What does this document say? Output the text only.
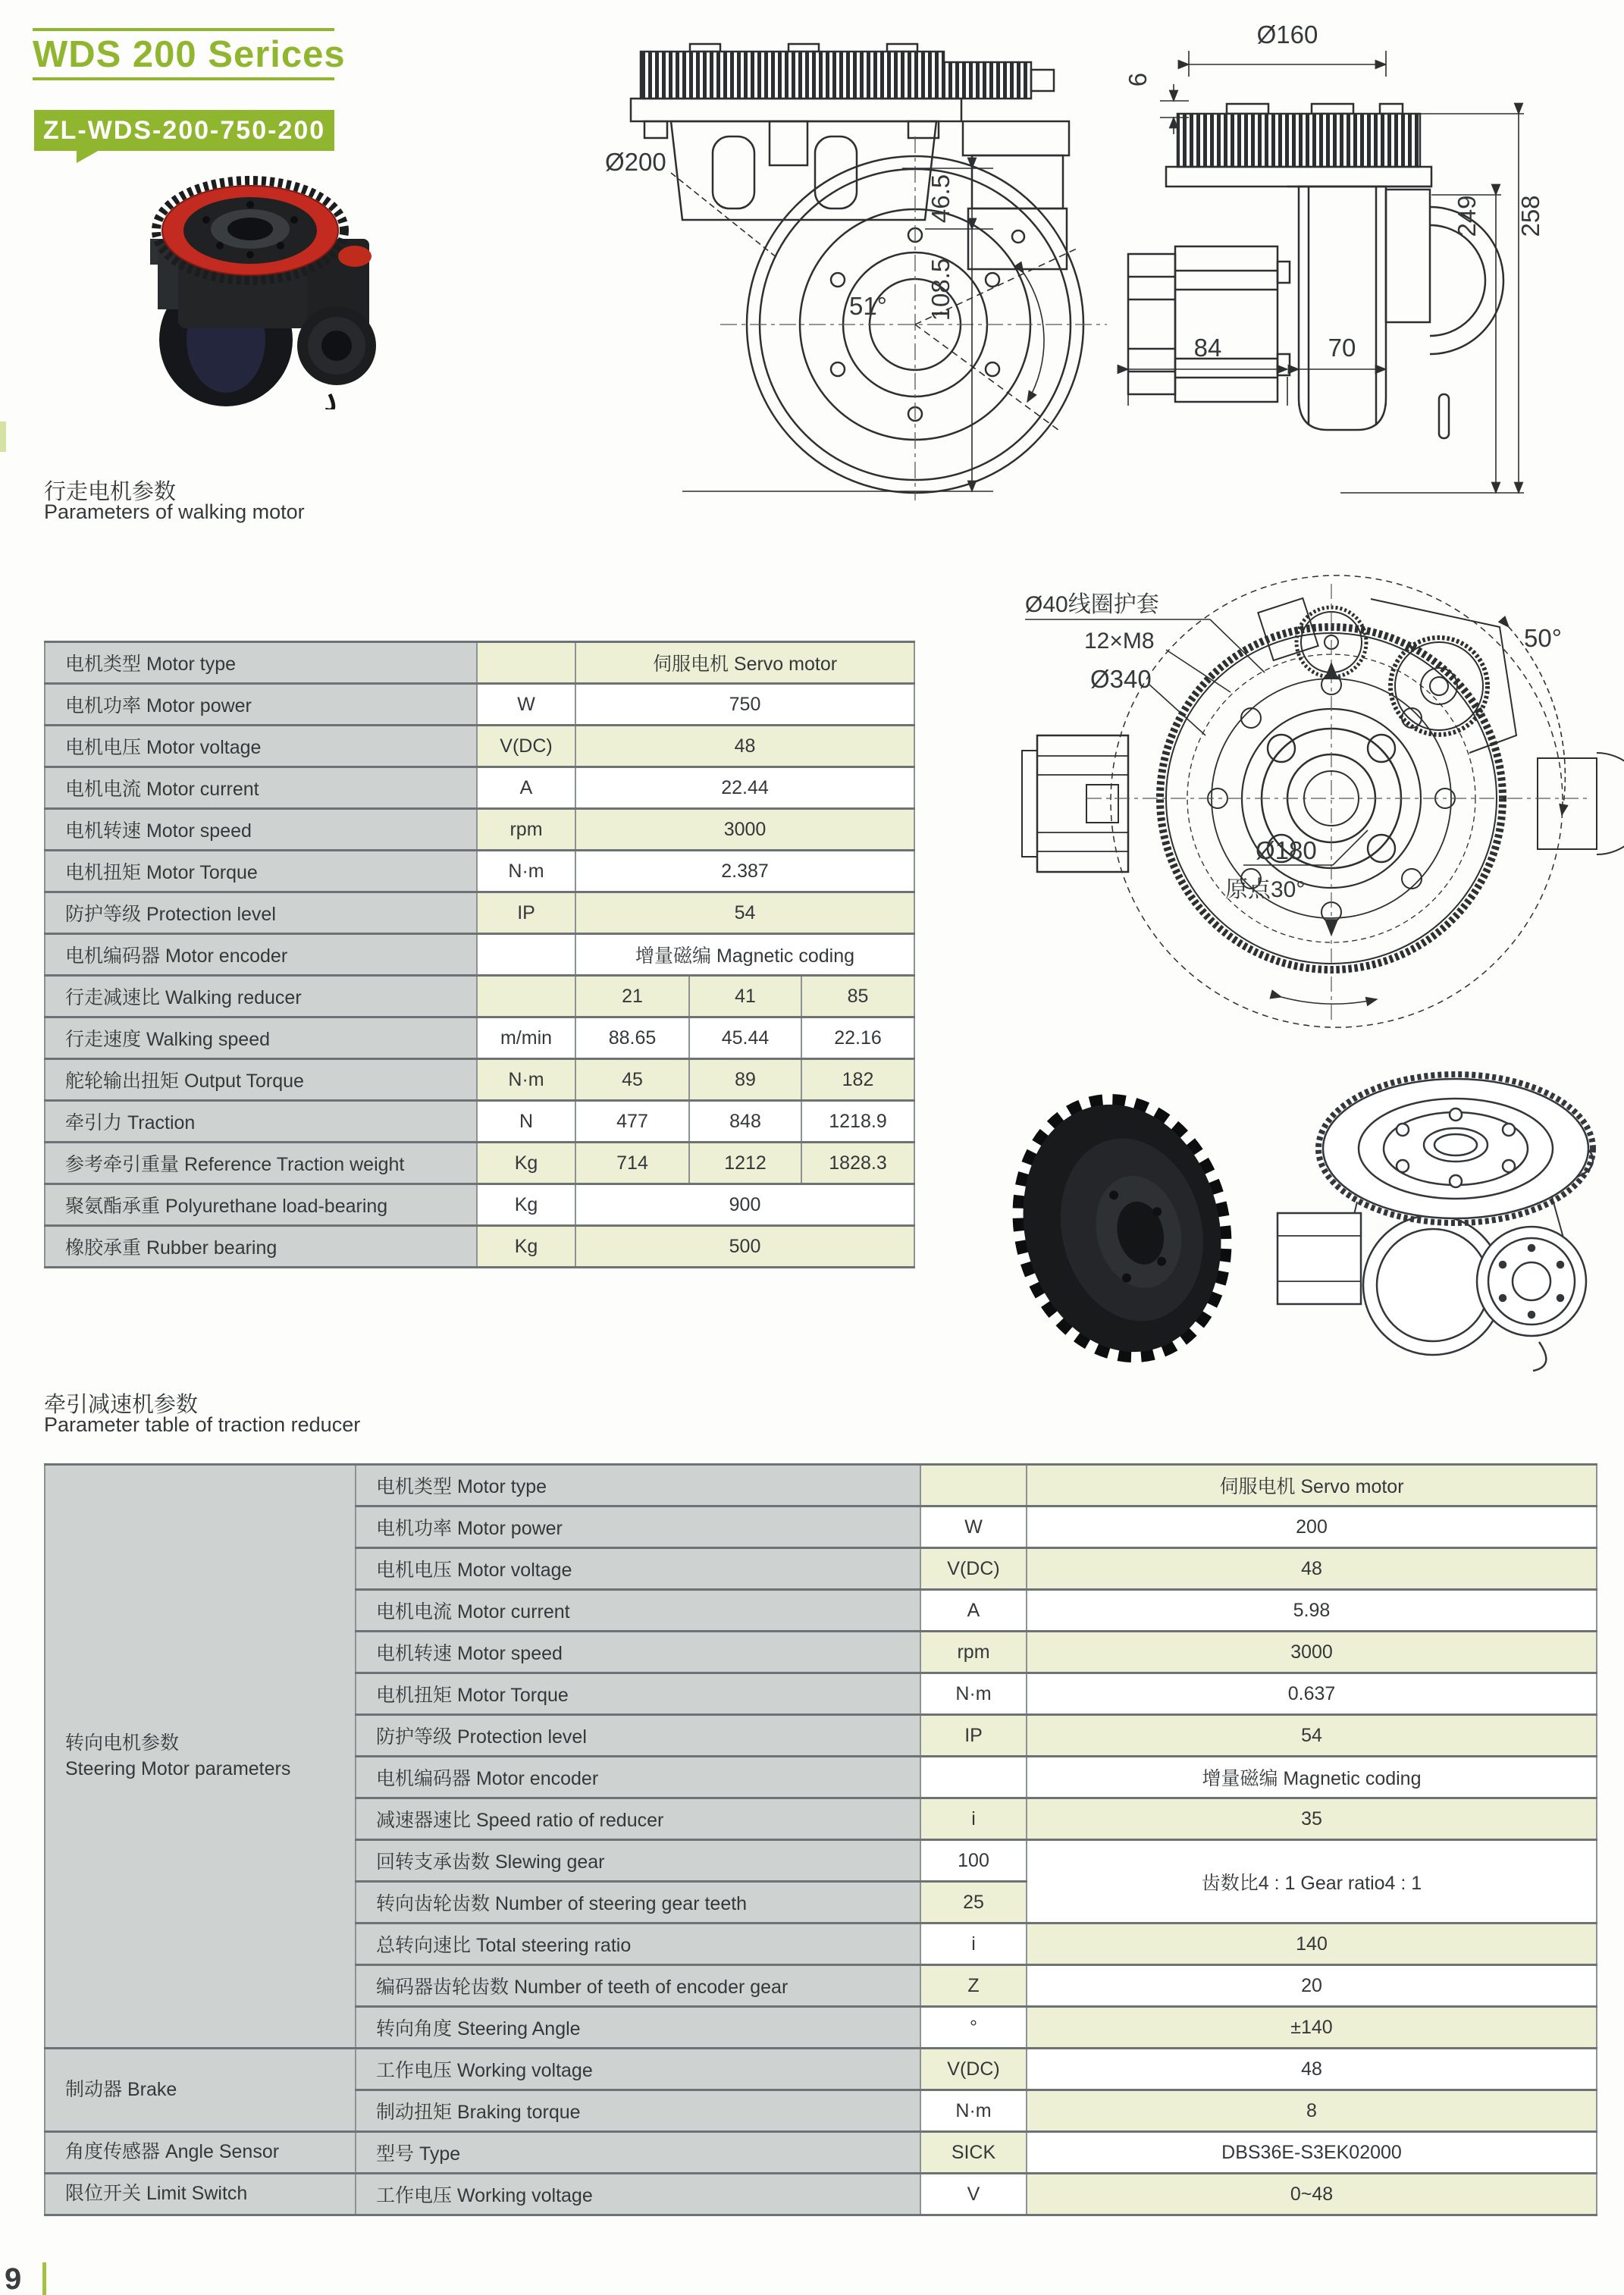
WDS 200 Serices
ZL-WDS-200-750-200
Ø200
46.5
108.5
51°
Ø160
6
249 258
84	70
行走电机参数
Parameters of walking motor
电机类型 Motor type		伺服电机 Servo motor		
电机功率 Motor power	W	750		
电机电压 Motor voltage	V(DC)	48		
电机电流 Motor current	A	22.44		
电机转速 Motor speed	rpm	3000		
电机扭矩 Motor Torque	N·m	2.387		
防护等级 Protection level	IP	54		
电机编码器 Motor encoder		增量磁编 Magnetic coding		
行走减速比 Walking reducer		21	41	85
行走速度 Walking speed	m/min	88.65	45.44	22.16
舵轮输出扭矩 Output Torque	N·m	45	89	182
牵引力 Traction	N	477	848	1218.9
参考牵引重量 Reference Traction weight	Kg	714	1212	1828.3
聚氨酯承重 Polyurethane load-bearing	Kg	900		
橡胶承重 Rubber bearing	Kg	500		
Ø40线圈护套
12×M8
Ø340
50°
Ø180
原点30°
牵引减速机参数
Parameter table of traction reducer
转向电机参数
Steering Motor parameters	电机类型 Motor type		伺服电机 Servo motor
	电机功率 Motor power	W	200
	电机电压 Motor voltage	V(DC)	48
	电机电流 Motor current	A	5.98
	电机转速 Motor speed	rpm	3000
	电机扭矩 Motor Torque	N·m	0.637
	防护等级 Protection level	IP	54
	电机编码器 Motor encoder		增量磁编 Magnetic coding
	减速器速比 Speed ratio of reducer	i	35
	回转支承齿数 Slewing gear	100	齿数比4 : 1 Gear ratio4 : 1
	转向齿轮齿数 Number of steering gear teeth	25	
	总转向速比 Total steering ratio	i	140
	编码器齿轮齿数 Number of teeth of encoder gear	Z	20
	转向角度 Steering Angle	°	±140
制动器 Brake	工作电压 Working voltage	V(DC)	48
	制动扭矩 Braking torque	N·m	8
角度传感器 Angle Sensor	型号 Type	SICK	DBS36E-S3EK02000
限位开关 Limit Switch	工作电压 Working voltage	V	0~48
9
